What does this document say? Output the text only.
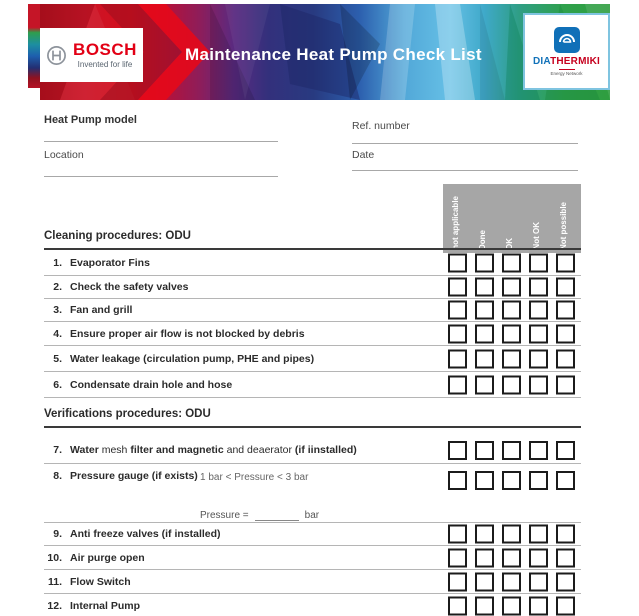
Maintenance Heat Pump Check List
BOSCH
Invented for life	DIATHERMIKI
Energy Network
Heat Pump model
Location
Ref. number
Date
not applicable Done OK Not OK Not possible
Cleaning procedures: ODU
1. Evaporator Fins
2. Check the safety valves
3. Fan and grill
4. Ensure proper air flow is not blocked by debris
5. Water leakage (circulation pump, PHE and pipes)
6. Condensate drain hole and hose
Verifications procedures: ODU
7. Water mesh filter and magnetic and deaerator (if iinstalled)
8. Pressure gauge (if exists) 1 bar < Pressure < 3 bar
Pressure =	bar
9. Anti freeze valves (if installed)
10. Air purge open
11. Flow Switch
12. Internal Pump
